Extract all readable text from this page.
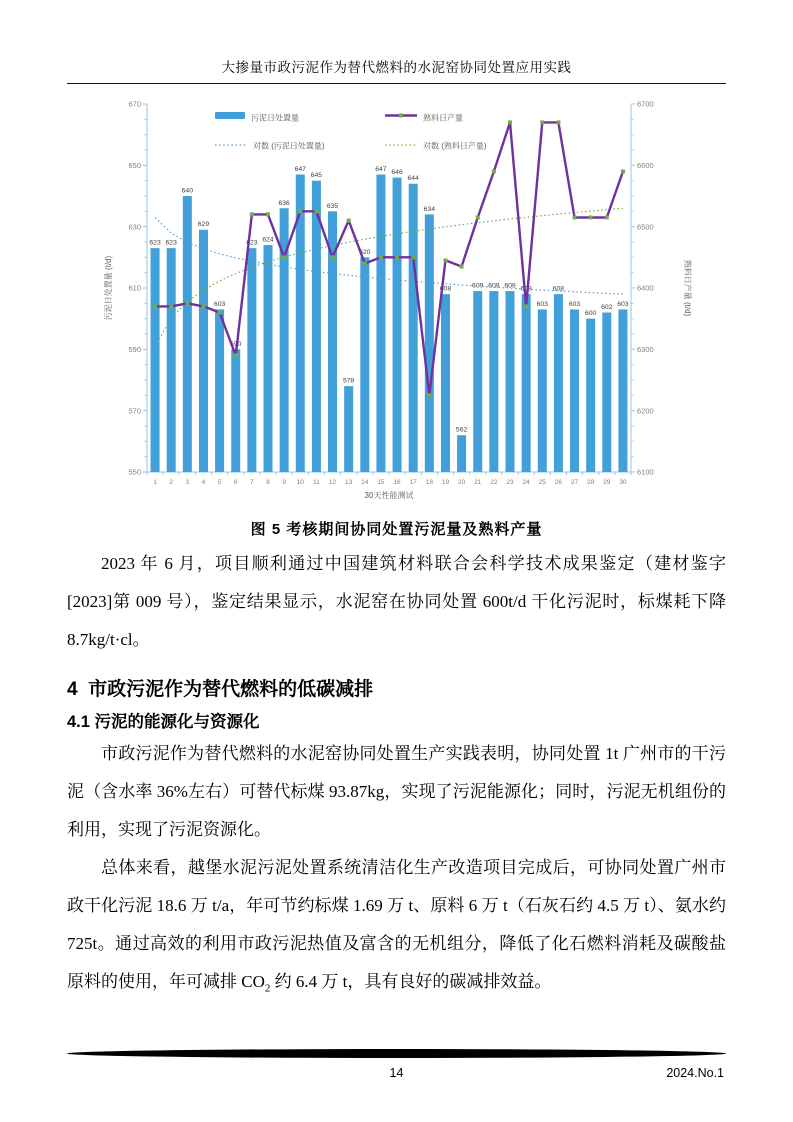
大掺量市政污泥作为替代燃料的水泥窑协同处置应用实践
550
570
590
610
630
650
670
6100
6200
6300
6400
6500
6600
6700
1 2 3 4 5 6 7 8 9 10 11 12 13 14 15 16 17 18 19 20 21 22 23 24 25 26 27 28 29 30
30天性能测试
污泥日处置量 (t/d)	熟料日产量 (t/d)
623 623
640
629
603
590
623 624
636
647
645
635
578
620
647 646
644
634
608
562
609 609 609 608
603
608
603
600
602 603
污泥日处置量	熟料日产量
对数 (污泥日处置量)	对数 (熟料日产量)
图 5 考核期间协同处置污泥量及熟料产量

2023 年 6 月，项目顺利通过中国建筑材料联合会科学技术成果鉴定（建材鉴字[2023]第 009 号），鉴定结果显示，水泥窑在协同处置 600t/d 干化污泥时，标煤耗下降 8.7kg/t·cl。

4  市政污泥作为替代燃料的低碳减排
4.1 污泥的能源化与资源化

市政污泥作为替代燃料的水泥窑协同处置生产实践表明，协同处置 1t 广州市的干污泥（含水率 36%左右）可替代标煤 93.87kg，实现了污泥能源化；同时，污泥无机组份的利用，实现了污泥资源化。

总体来看，越堡水泥污泥处置系统清洁化生产改造项目完成后，可协同处置广州市政干化污泥 18.6 万 t/a，年可节约标煤 1.69 万 t、原料 6 万 t（石灰石约 4.5 万 t）、氨水约 725t。通过高效的利用市政污泥热值及富含的无机组分，降低了化石燃料消耗及碳酸盐原料的使用，年可减排 $CO_2$ 约 6.4 万 t，具有良好的碳减排效益。

14	2024.No.1
